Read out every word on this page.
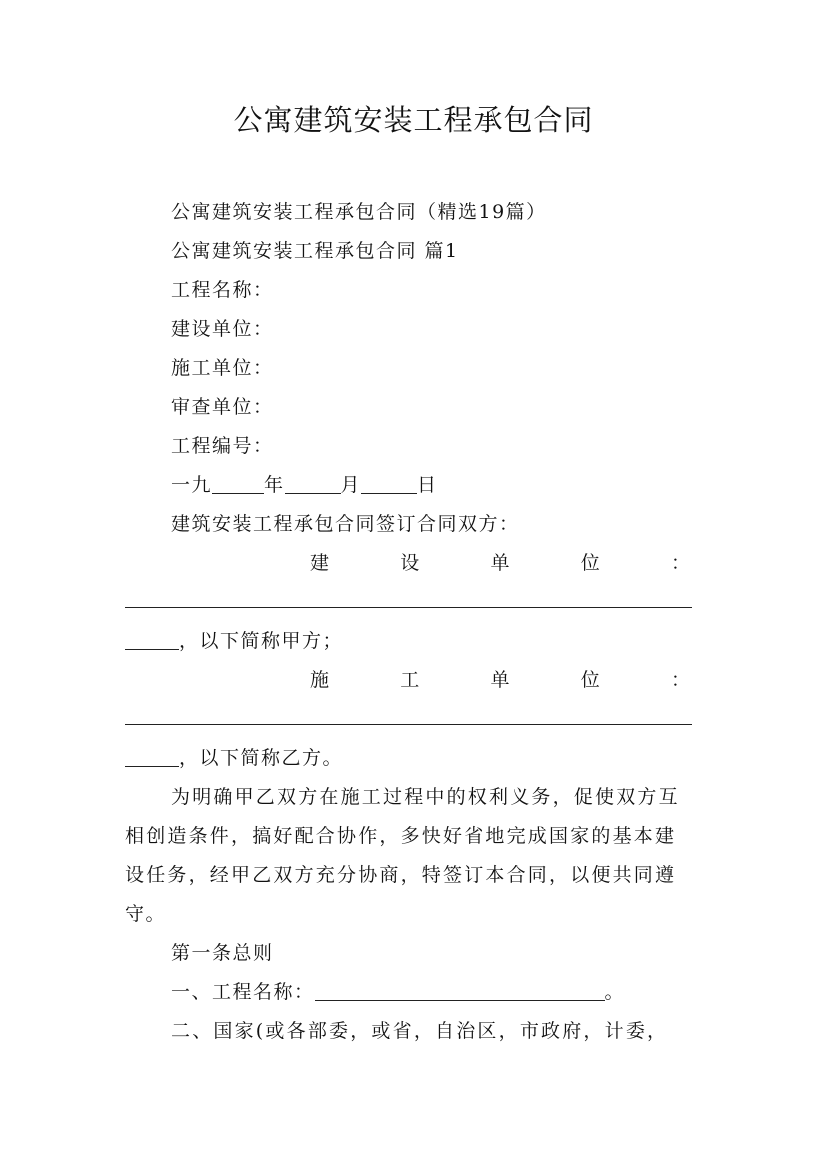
公寓建筑安装工程承包合同
公寓建筑安装工程承包合同（精选19篇）
公寓建筑安装工程承包合同 篇1
工程名称：
建设单位：
施工单位：
审查单位：
工程编号：
一九	年	月	日
建筑安装工程承包合同签订合同双方：
建	设	单	位	：
，以下简称甲方；
施	工	单	位	：
，以下简称乙方。
为明确甲乙双方在施工过程中的权利义务，促使双方互
相创造条件，搞好配合协作，多快好省地完成国家的基本建
设任务，经甲乙双方充分协商，特签订本合同，以便共同遵
守。
第一条总则
一、工程名称：	。
二、国家(或各部委，或省，自治区，市政府，计委，
